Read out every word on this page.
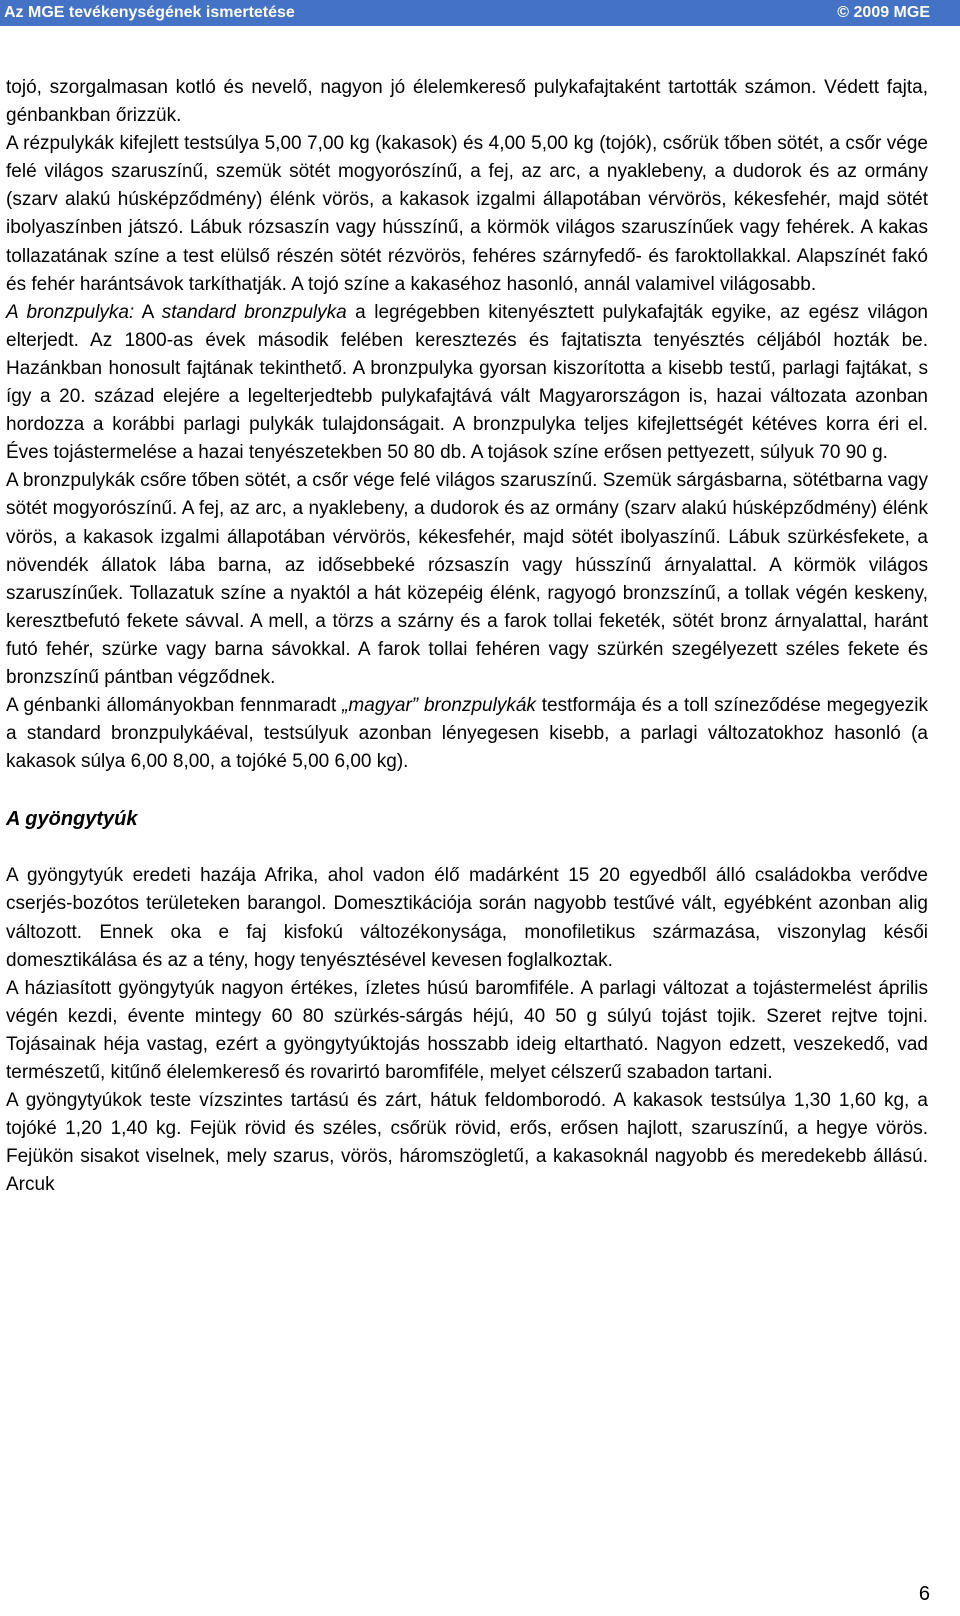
Az MGE tevékenységének ismertetése	© 2009 MGE

tojó, szorgalmasan kotló és nevelő, nagyon jó élelemkereső pulykafajtaként tartották számon. Védett fajta, génbankban őrizzük.

A rézpulykák kifejlett testsúlya 5,00 7,00 kg (kakasok) és 4,00 5,00 kg (tojók), csőrük tőben sötét, a csőr vége felé világos szaruszínű, szemük sötét mogyorószínű, a fej, az arc, a nyaklebeny, a dudorok és az ormány (szarv alakú húsképződmény) élénk vörös, a kakasok izgalmi állapotában vérvörös, kékesfehér, majd sötét ibolyaszínben játszó. Lábuk rózsaszín vagy hússzínű, a körmök világos szaruszínűek vagy fehérek. A kakas tollazatának színe a test elülső részén sötét rézvörös, fehéres szárnyfedő- és faroktollakkal. Alapszínét fakó és fehér harántsávok tarkíthatják. A tojó színe a kakaséhoz hasonló, annál valamivel világosabb.

A bronzpulyka: A standard bronzpulyka a legrégebben kitenyésztett pulykafajták egyike, az egész világon elterjedt. Az 1800-as évek második felében keresztezés és fajtatiszta tenyésztés céljából hozták be. Hazánkban honosult fajtának tekinthető. A bronzpulyka gyorsan kiszorította a kisebb testű, parlagi fajtákat, s így a 20. század elejére a legelterjedtebb pulykafajtává vált Magyarországon is, hazai változata azonban hordozza a korábbi parlagi pulykák tulajdonságait. A bronzpulyka teljes kifejlettségét kétéves korra éri el. Éves tojástermelése a hazai tenyészetekben 50 80 db. A tojások színe erősen pettyezett, súlyuk 70 90 g.

A bronzpulykák csőre tőben sötét, a csőr vége felé világos szaruszínű. Szemük sárgásbarna, sötétbarna vagy sötét mogyorószínű. A fej, az arc, a nyaklebeny, a dudorok és az ormány (szarv alakú húsképződmény) élénk vörös, a kakasok izgalmi állapotában vérvörös, kékesfehér, majd sötét ibolyaszínű. Lábuk szürkésfekete, a növendék állatok lába barna, az idősebbeké rózsaszín vagy hússzínű árnyalattal. A körmök világos szaruszínűek. Tollazatuk színe a nyaktól a hát közepéig élénk, ragyogó bronzszínű, a tollak végén keskeny, keresztbefutó fekete sávval. A mell, a törzs a szárny és a farok tollai feketék, sötét bronz árnyalattal, haránt futó fehér, szürke vagy barna sávokkal. A farok tollai fehéren vagy szürkén szegélyezett széles fekete és bronzszínű pántban végződnek.

A génbanki állományokban fennmaradt „magyar” bronzpulykák testformája és a toll színeződése megegyezik a standard bronzpulykáéval, testsúlyuk azonban lényegesen kisebb, a parlagi változatokhoz hasonló (a kakasok súlya 6,00 8,00, a tojóké 5,00 6,00 kg).

A gyöngytyúk

A gyöngytyúk eredeti hazája Afrika, ahol vadon élő madárként 15 20 egyedből álló családokba verődve cserjés-bozótos területeken barangol. Domesztikációja során nagyobb testűvé vált, egyébként azonban alig változott. Ennek oka e faj kisfokú változékonysága, monofiletikus származása, viszonylag késői domesztikálása és az a tény, hogy tenyésztésével kevesen foglalkoztak.

A háziasított gyöngytyúk nagyon értékes, ízletes húsú baromfiféle. A parlagi változat a tojástermelést április végén kezdi, évente mintegy 60 80 szürkés-sárgás héjú, 40 50 g súlyú tojást tojik. Szeret rejtve tojni. Tojásainak héja vastag, ezért a gyöngytyúktojás hosszabb ideig eltartható. Nagyon edzett, veszekedő, vad természetű, kitűnő élelemkereső és rovarirtó baromfiféle, melyet célszerű szabadon tartani.

A gyöngytyúkok teste vízszintes tartású és zárt, hátuk feldomborodó. A kakasok testsúlya 1,30 1,60 kg, a tojóké 1,20 1,40 kg. Fejük rövid és széles, csőrük rövid, erős, erősen hajlott, szaruszínű, a hegye vörös. Fejükön sisakot viselnek, mely szarus, vörös, háromszögletű, a kakasoknál nagyobb és meredekebb állású. Arcuk

6
